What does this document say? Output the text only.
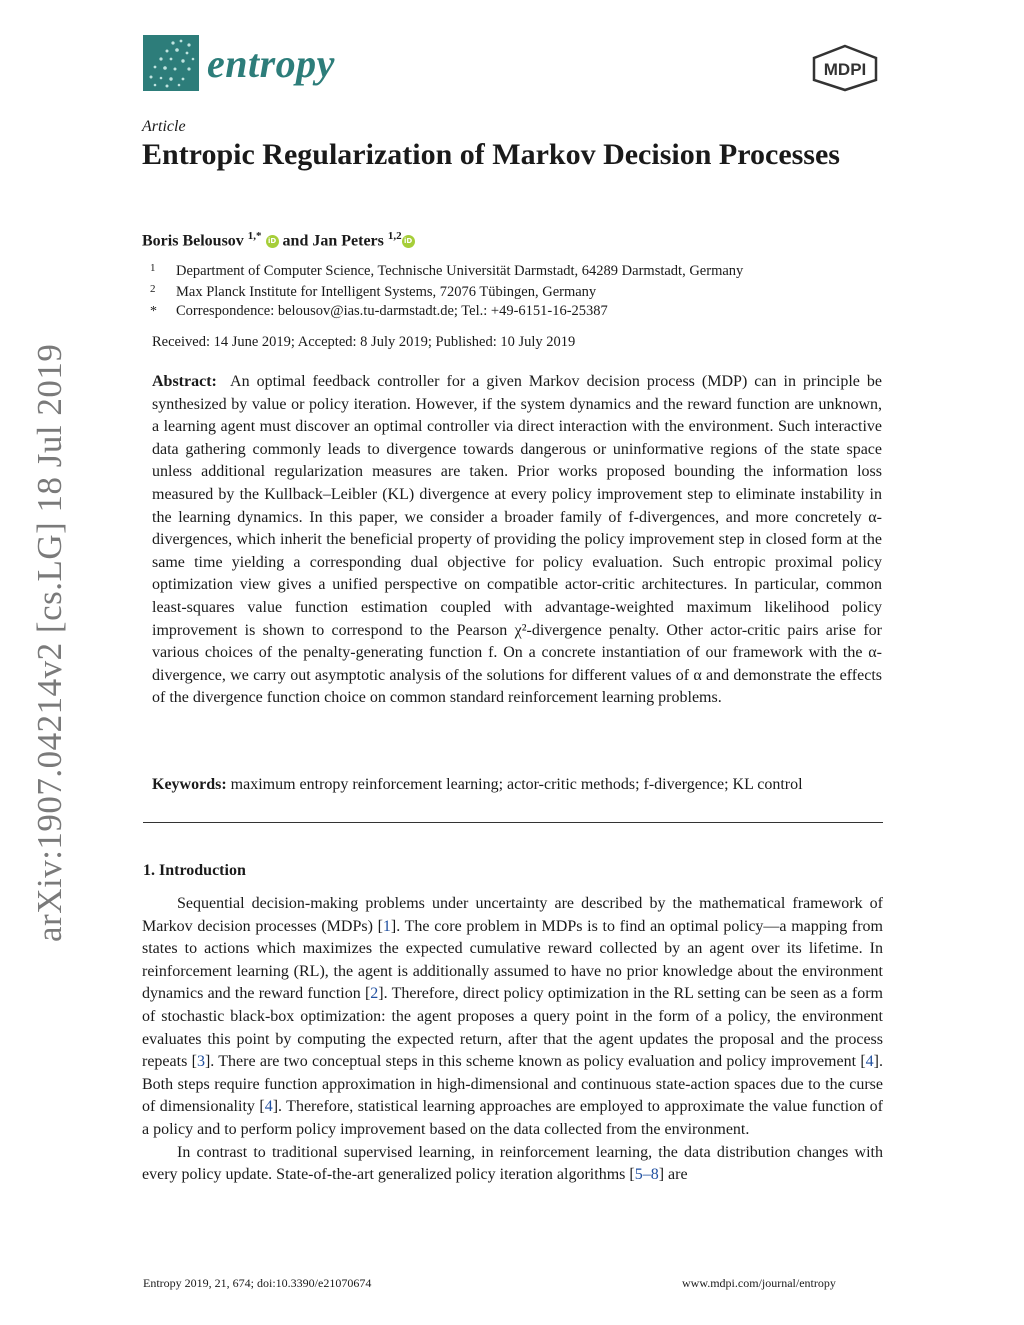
entropy	MDPI
Article
Entropic Regularization of Markov Decision Processes
Boris Belousov $^{1,*}$ iD and Jan Peters $^{1,2}$ iD
1 Department of Computer Science, Technische Universität Darmstadt, 64289 Darmstadt, Germany
2 Max Planck Institute for Intelligent Systems, 72076 Tübingen, Germany
* Correspondence: belousov@ias.tu-darmstadt.de; Tel.: +49-6151-16-25387
Received: 14 June 2019; Accepted: 8 July 2019; Published: 10 July 2019
Abstract: An optimal feedback controller for a given Markov decision process (MDP) can in principle be synthesized by value or policy iteration. However, if the system dynamics and the reward function are unknown, a learning agent must discover an optimal controller via direct interaction with the environment. Such interactive data gathering commonly leads to divergence towards dangerous or uninformative regions of the state space unless additional regularization measures are taken. Prior works proposed bounding the information loss measured by the Kullback–Leibler (KL) divergence at every policy improvement step to eliminate instability in the learning dynamics. In this paper, we consider a broader family of f-divergences, and more concretely α-divergences, which inherit the beneficial property of providing the policy improvement step in closed form at the same time yielding a corresponding dual objective for policy evaluation. Such entropic proximal policy optimization view gives a unified perspective on compatible actor-critic architectures. In particular, common least-squares value function estimation coupled with advantage-weighted maximum likelihood policy improvement is shown to correspond to the Pearson χ²-divergence penalty. Other actor-critic pairs arise for various choices of the penalty-generating function f. On a concrete instantiation of our framework with the α-divergence, we carry out asymptotic analysis of the solutions for different values of α and demonstrate the effects of the divergence function choice on common standard reinforcement learning problems.
Keywords: maximum entropy reinforcement learning; actor-critic methods; f-divergence; KL control
1. Introduction

Sequential decision-making problems under uncertainty are described by the mathematical framework of Markov decision processes (MDPs) [1]. The core problem in MDPs is to find an optimal policy—a mapping from states to actions which maximizes the expected cumulative reward collected by an agent over its lifetime. In reinforcement learning (RL), the agent is additionally assumed to have no prior knowledge about the environment dynamics and the reward function [2]. Therefore, direct policy optimization in the RL setting can be seen as a form of stochastic black-box optimization: the agent proposes a query point in the form of a policy, the environment evaluates this point by computing the expected return, after that the agent updates the proposal and the process repeats [3]. There are two conceptual steps in this scheme known as policy evaluation and policy improvement [4]. Both steps require function approximation in high-dimensional and continuous state-action spaces due to the curse of dimensionality [4]. Therefore, statistical learning approaches are employed to approximate the value function of a policy and to perform policy improvement based on the data collected from the environment.

In contrast to traditional supervised learning, in reinforcement learning, the data distribution changes with every policy update. State-of-the-art generalized policy iteration algorithms [5–8] are

Entropy 2019, 21, 674; doi:10.3390/e21070674	www.mdpi.com/journal/entropy
arXiv:1907.04214v2 [cs.LG] 18 Jul 2019
